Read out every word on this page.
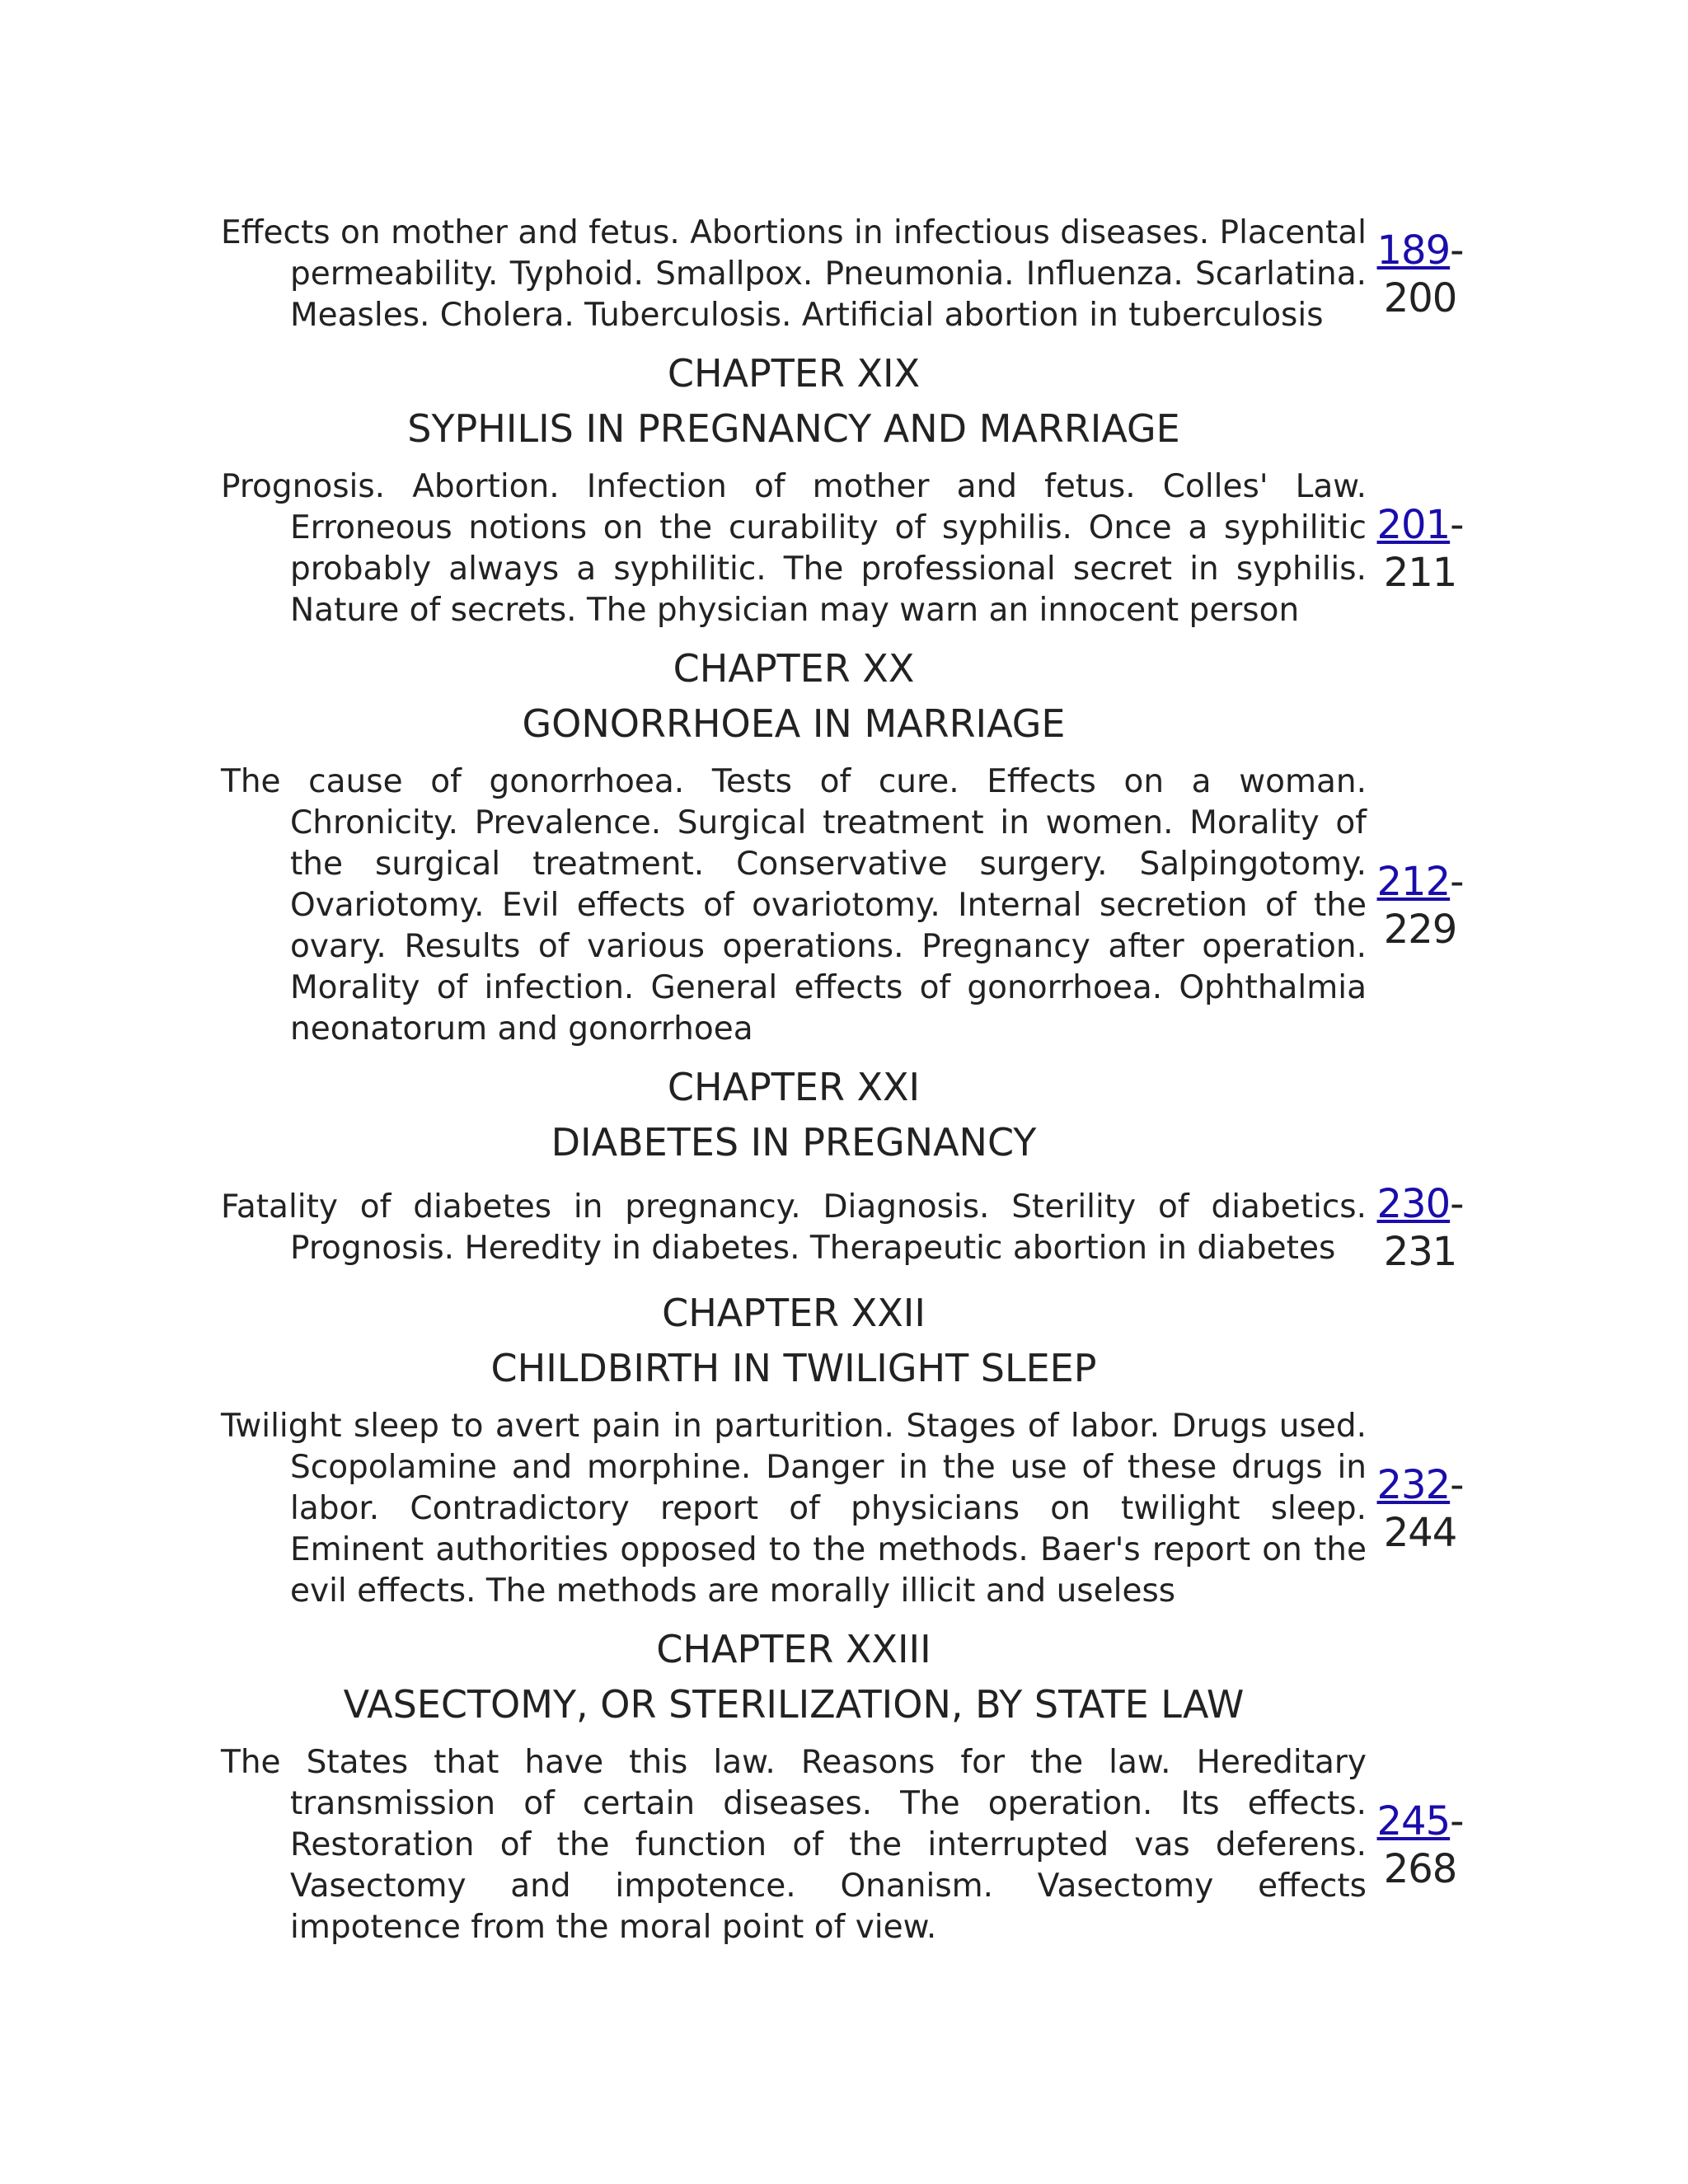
Effects on mother and fetus. Abortions in infectious diseases. Placental permeability. Typhoid. Smallpox. Pneumonia. Influenza. Scarlatina. Measles. Cholera. Tuberculosis. Artificial abortion in tuberculosis
189-
200
CHAPTER XIX
SYPHILIS IN PREGNANCY AND MARRIAGE
Prognosis. Abortion. Infection of mother and fetus. Colles' Law. Erroneous notions on the curability of syphilis. Once a syphilitic probably always a syphilitic. The professional secret in syphilis. Nature of secrets. The physician may warn an innocent person
201-
211
CHAPTER XX
GONORRHOEA IN MARRIAGE
The cause of gonorrhoea. Tests of cure. Effects on a woman. Chronicity. Prevalence. Surgical treatment in women. Morality of the surgical treatment. Conservative surgery. Salpingotomy. Ovariotomy. Evil effects of ovariotomy. Internal secretion of the ovary. Results of various operations. Pregnancy after operation. Morality of infection. General effects of gonorrhoea. Ophthalmia neonatorum and gonorrhoea
212-
229
CHAPTER XXI
DIABETES IN PREGNANCY
Fatality of diabetes in pregnancy. Diagnosis. Sterility of diabetics. Prognosis. Heredity in diabetes. Therapeutic abortion in diabetes
230-
231
CHAPTER XXII
CHILDBIRTH IN TWILIGHT SLEEP
Twilight sleep to avert pain in parturition. Stages of labor. Drugs used. Scopolamine and morphine. Danger in the use of these drugs in labor. Contradictory report of physicians on twilight sleep. Eminent authorities opposed to the methods. Baer's report on the evil effects. The methods are morally illicit and useless
232-
244
CHAPTER XXIII
VASECTOMY, OR STERILIZATION, BY STATE LAW
The States that have this law. Reasons for the law. Hereditary transmission of certain diseases. The operation. Its effects. Restoration of the function of the interrupted vas deferens. Vasectomy and impotence. Onanism. Vasectomy effects impotence from the moral point of view.
245-
268
